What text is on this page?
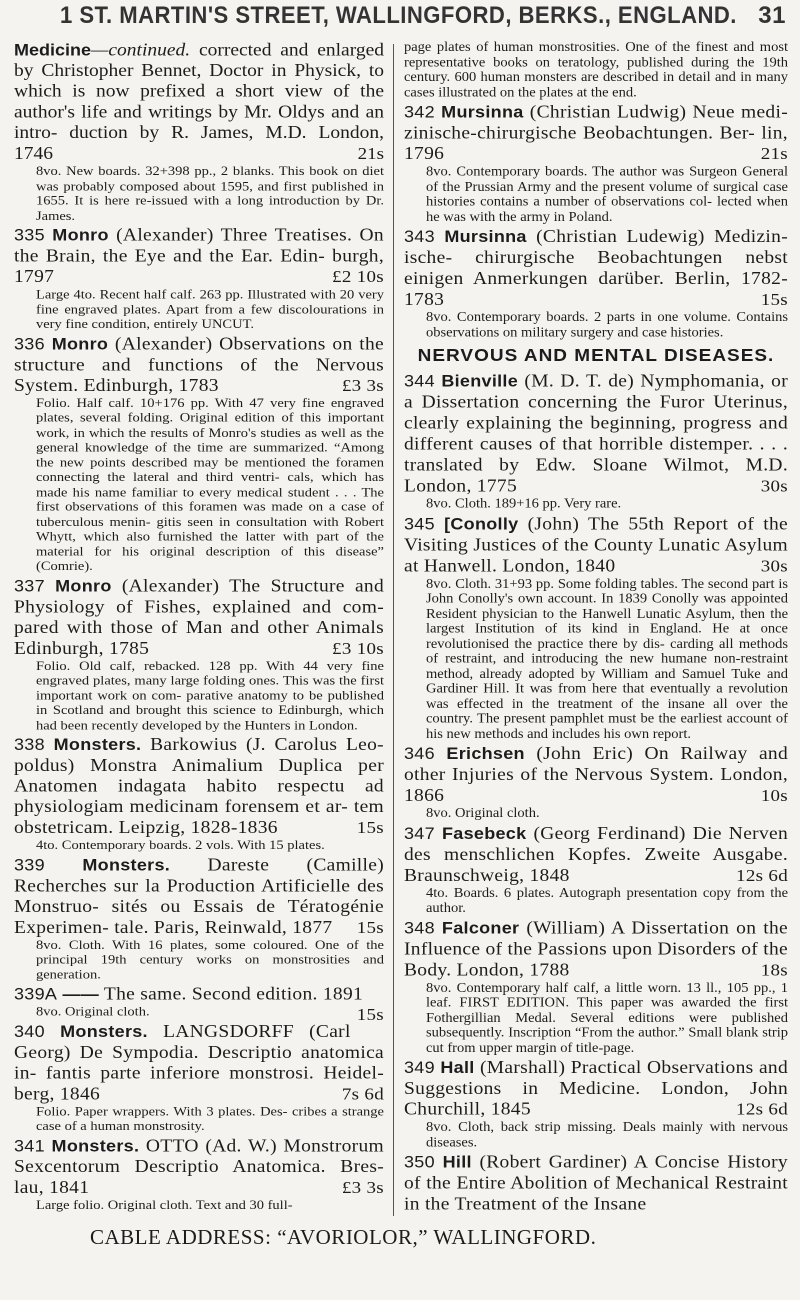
1 ST. MARTIN'S STREET, WALLINGFORD, BERKS., ENGLAND. 31
Medicine—continued. corrected and enlarged by Christopher Bennet, Doctor in Physick, to which is now prefixed a short view of the author's life and writings by Mr. Oldys and an intro- duction by R. James, M.D. London, 1746	21s
8vo. New boards. 32+398 pp., 2 blanks. This book on diet was probably composed about 1595, and first published in 1655. It is here re-issued with a long introduction by Dr. James.
335 Monro (Alexander) Three Treatises. On the Brain, the Eye and the Ear. Edin- burgh, 1797	£2 10s
Large 4to. Recent half calf. 263 pp. Illustrated with 20 very fine engraved plates. Apart from a few discolourations in very fine condition, entirely UNCUT.
336 Monro (Alexander) Observations on the structure and functions of the Nervous System. Edinburgh, 1783	£3 3s
Folio. Half calf. 10+176 pp. With 47 very fine engraved plates, several folding. Original edition of this important work, in which the results of Monro's studies as well as the general knowledge of the time are summarized. “Among the new points described may be mentioned the foramen connecting the lateral and third ventri- cals, which has made his name familiar to every medical student . . . The first observations of this foramen was made on a case of tuberculous menin- gitis seen in consultation with Robert Whytt, which also furnished the latter with part of the material for his original description of this disease” (Comrie).
337 Monro (Alexander) The Structure and Physiology of Fishes, explained and com- pared with those of Man and other Animals Edinburgh, 1785	£3 10s
Folio. Old calf, rebacked. 128 pp. With 44 very fine engraved plates, many large folding ones. This was the first important work on com- parative anatomy to be published in Scotland and brought this science to Edinburgh, which had been recently developed by the Hunters in London.
338 Monsters. Barkowius (J. Carolus Leo- poldus) Monstra Animalium Duplica per Anatomen indagata habito respectu ad physiologiam medicinam forensem et ar- tem obstetricam. Leipzig, 1828-1836	15s
4to. Contemporary boards. 2 vols. With 15 plates.
339 Monsters. Dareste (Camille) Recherches sur la Production Artificielle des Monstruo- sités ou Essais de Tératogénie Experimen- tale. Paris, Reinwald, 1877 15s
8vo. Cloth. With 16 plates, some coloured. One of the principal 19th century works on monstrosities and generation.
339A —— The same. Second edition. 1891
15s
8vo. Original cloth.
340 Monsters. LANGSDORFF (Carl Georg) De Sympodia. Descriptio anatomica in- fantis parte inferiore monstrosi. Heidel- berg, 1846	7s 6d
Folio. Paper wrappers. With 3 plates. Des- cribes a strange case of a human monstrosity.
341 Monsters. OTTO (Ad. W.) Monstrorum Sexcentorum Descriptio Anatomica. Bres- lau, 1841	£3 3s
Large folio. Original cloth. Text and 30 full-
page plates of human monstrosities. One of the finest and most representative books on teratology, published during the 19th century. 600 human monsters are described in detail and in many cases illustrated on the plates at the end.
342 Mursinna (Christian Ludwig) Neue medi- zinische-chirurgische Beobachtungen. Ber- lin, 1796	21s
8vo. Contemporary boards. The author was Surgeon General of the Prussian Army and the present volume of surgical case histories contains a number of observations col- lected when he was with the army in Poland.
343 Mursinna (Christian Ludewig) Medizin- ische- chirurgische Beobachtungen nebst einigen Anmerkungen darüber. Berlin, 1782-1783	15s
8vo. Contemporary boards. 2 parts in one volume. Contains observations on military surgery and case histories.
NERVOUS AND MENTAL DISEASES.
344 Bienville (M. D. T. de) Nymphomania, or a Dissertation concerning the Furor Uterinus, clearly explaining the beginning, progress and different causes of that horrible distemper. . . . translated by Edw. Sloane Wilmot, M.D. London, 1775	30s
8vo. Cloth. 189+16 pp. Very rare.
345 [Conolly (John) The 55th Report of the Visiting Justices of the County Lunatic Asylum at Hanwell. London, 1840	30s
8vo. Cloth. 31+93 pp. Some folding tables. The second part is John Conolly's own account. In 1839 Conolly was appointed Resident physician to the Hanwell Lunatic Asylum, then the largest Institution of its kind in England. He at once revolutionised the practice there by dis- carding all methods of restraint, and introducing the new humane non-restraint method, already adopted by William and Samuel Tuke and Gardiner Hill. It was from here that eventually a revolution was effected in the treatment of the insane all over the country. The present pamphlet must be the earliest account of his new methods and includes his own report.
346 Erichsen (John Eric) On Railway and other Injuries of the Nervous System. London, 1866	10s
8vo. Original cloth.
347 Fasebeck (Georg Ferdinand) Die Nerven des menschlichen Kopfes. Zweite Ausgabe. Braunschweig, 1848	12s 6d
4to. Boards. 6 plates. Autograph presentation copy from the author.
348 Falconer (William) A Dissertation on the Influence of the Passions upon Disorders of the Body. London, 1788	18s
8vo. Contemporary half calf, a little worn. 13 ll., 105 pp., 1 leaf. FIRST EDITION. This paper was awarded the first Fothergillian Medal. Several editions were published subsequently. Inscription “From the author.” Small blank strip cut from upper margin of title-page.
349 Hall (Marshall) Practical Observations and Suggestions in Medicine. London, John Churchill, 1845	12s 6d
8vo. Cloth, back strip missing. Deals mainly with nervous diseases.
350 Hill (Robert Gardiner) A Concise History of the Entire Abolition of Mechanical Restraint in the Treatment of the Insane
CABLE ADDRESS: “AVORIOLOR,” WALLINGFORD.
